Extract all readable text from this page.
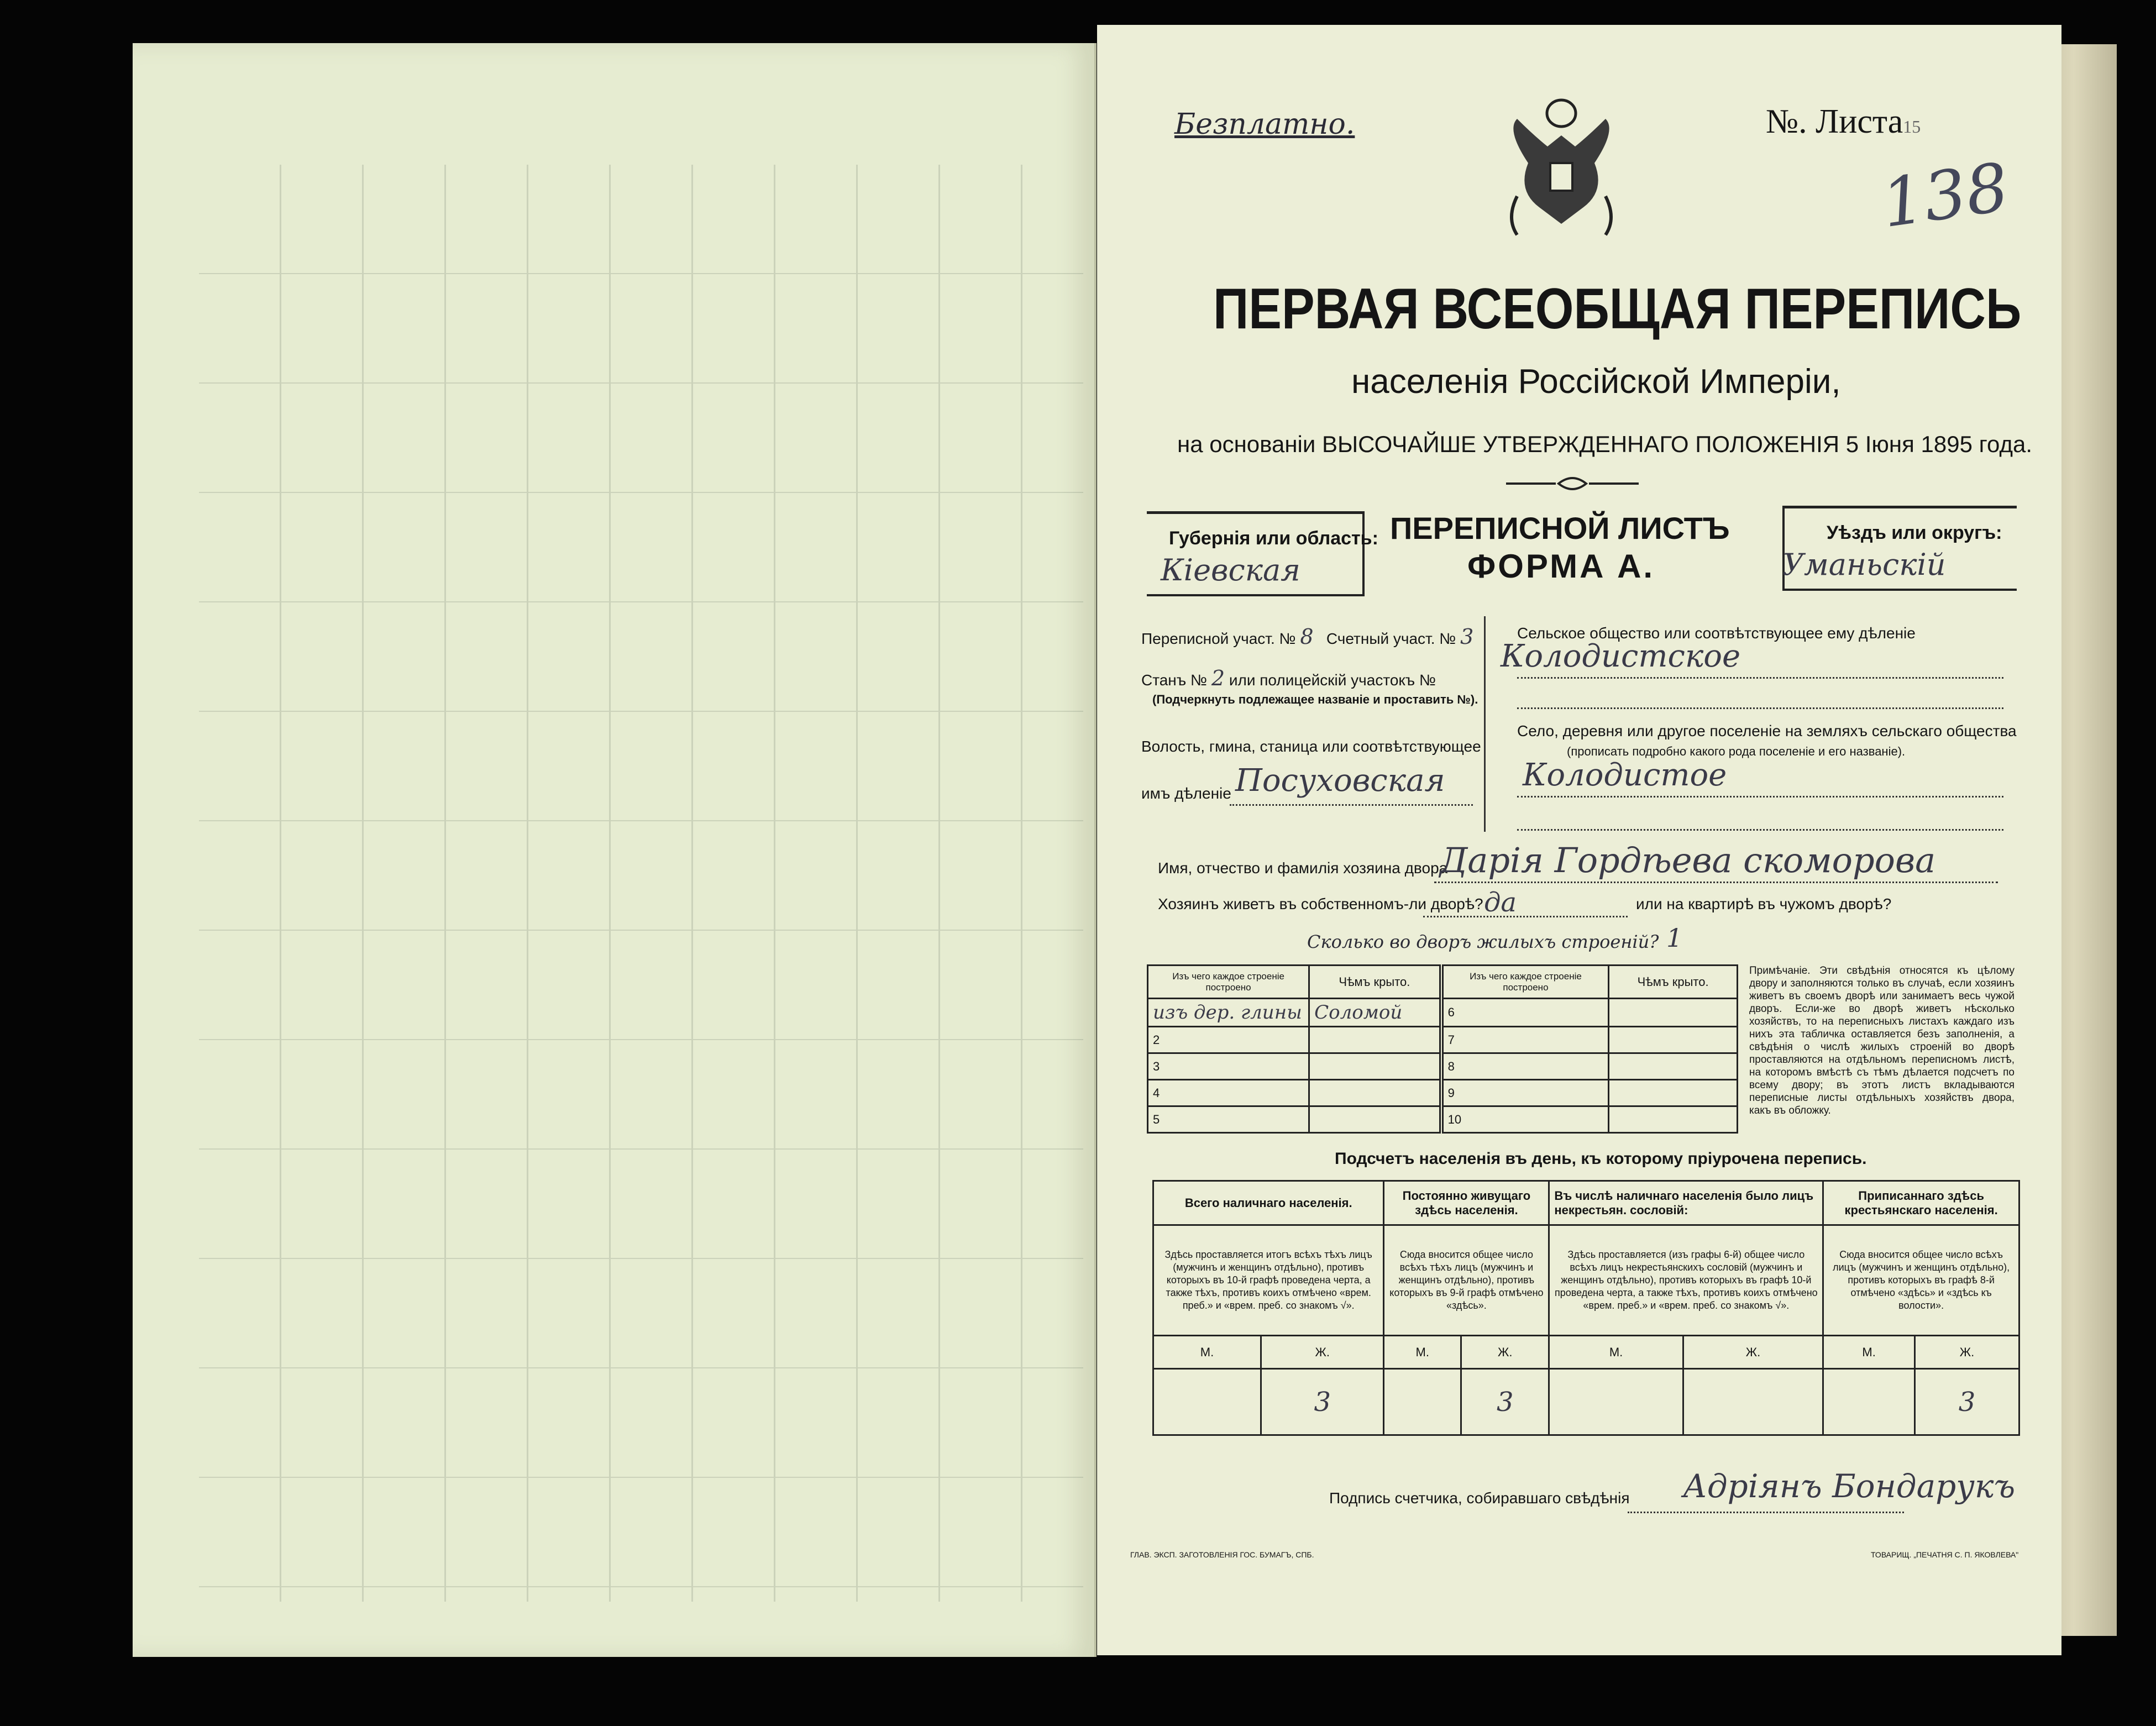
Безплатно.	№. Листа15
138
ПЕРВАЯ ВСЕОБЩАЯ ПЕРЕПИСЬ
населенія Россійской Имперіи,
на основаніи ВЫСОЧАЙШЕ УТВЕРЖДЕННАГО ПОЛОЖЕНІЯ 5 Іюня 1895 года.
Губернія или область:
Кіевская
ПЕРЕПИСНОЙ ЛИСТЪ
ФОРМА А.
Уѣздъ или округъ:
Уманьскій
Переписной участ. № 8 Счетный участ. № 3
Станъ № 2 или полицейскій участокъ №
(Подчеркнуть подлежащее названіе и проставить №).
Волость, гмина, станица или соотвѣтствующее
имъ дѣленіе Посуховская
Сельское общество или соотвѣтствующее ему дѣленіе
Колодистское
Село, деревня или другое поселеніе на земляхъ сельскаго общества
(прописать подробно какого рода поселеніе и его названіе).
Колодистое
Имя, отчество и фамилія хозяина двора
Дарія Гордѣева скоморова
Хозяинъ живетъ въ собственномъ-ли дворѣ? да	или на квартирѣ въ чужомъ дворѣ?
Сколько во дворъ жилыхъ строеній? 1
Изъ чего каждое строеніе построено	Чѣмъ крыто.	Изъ чего каждое строеніе построено	Чѣмъ крыто.
изъ дер. глины	Соломой	6	
2		7	
3		8	
4		9	
5		10	
Примѣчаніе. Эти свѣдѣнія относятся къ цѣлому двору и заполняются только въ случаѣ, если хозяинъ живетъ въ своемъ дворѣ или занимаетъ весь чужой дворъ. Если-же во дворѣ живетъ нѣсколько хозяйствъ, то на переписныхъ листахъ каждаго изъ нихъ эта табличка оставляется безъ заполненія, а свѣдѣнія о числѣ жилыхъ строеній во дворѣ проставляются на отдѣльномъ переписномъ листѣ, на которомъ вмѣстѣ съ тѣмъ дѣлается подсчетъ по всему двору; въ этотъ листъ вкладываются переписные листы отдѣльныхъ хозяйствъ двора, какъ въ обложку.
Подсчетъ населенія въ день, къ которому пріурочена перепись.
Всего наличнаго населенія.		Постоянно живущаго здѣсь населенія.		Въ числѣ наличнаго населенія было лицъ некрестьян. сословій:		Приписаннаго здѣсь крестьянскаго населенія.	
Здѣсь проставляется итогъ всѣхъ тѣхъ лицъ (мужчинъ и женщинъ отдѣльно), противъ которыхъ въ 10-й графѣ проведена черта, а также тѣхъ, противъ коихъ отмѣчено «врем. преб.» и «врем. преб. со знакомъ √».		Сюда вносится общее число всѣхъ тѣхъ лицъ (мужчинъ и женщинъ отдѣльно), противъ которыхъ въ 9-й графѣ отмѣчено «здѣсь».		Здѣсь проставляется (изъ графы 6-й) общее число всѣхъ лицъ некрестьянскихъ сословій (мужчинъ и женщинъ отдѣльно), противъ которыхъ въ графѣ 10-й проведена черта, а также тѣхъ, противъ коихъ отмѣчено «врем. преб.» и «врем. преб. со знакомъ √».		Сюда вносится общее число всѣхъ лицъ (мужчинъ и женщинъ отдѣльно), противъ которыхъ въ графѣ 8-й отмѣчено «здѣсь» и «здѣсь къ волости».	
М.	Ж.	М.	Ж.	М.	Ж.	М.	Ж.
	3		3				3
Подпись счетчика, собиравшаго свѣдѣнія Адріянъ Бондарукъ
ГЛАВ. ЭКСП. ЗАГОТОВЛЕНІЯ ГОС. БУМАГЪ, СПБ.	ТОВАРИЩ. „ПЕЧАТНЯ С. П. ЯКОВЛЕВА"
